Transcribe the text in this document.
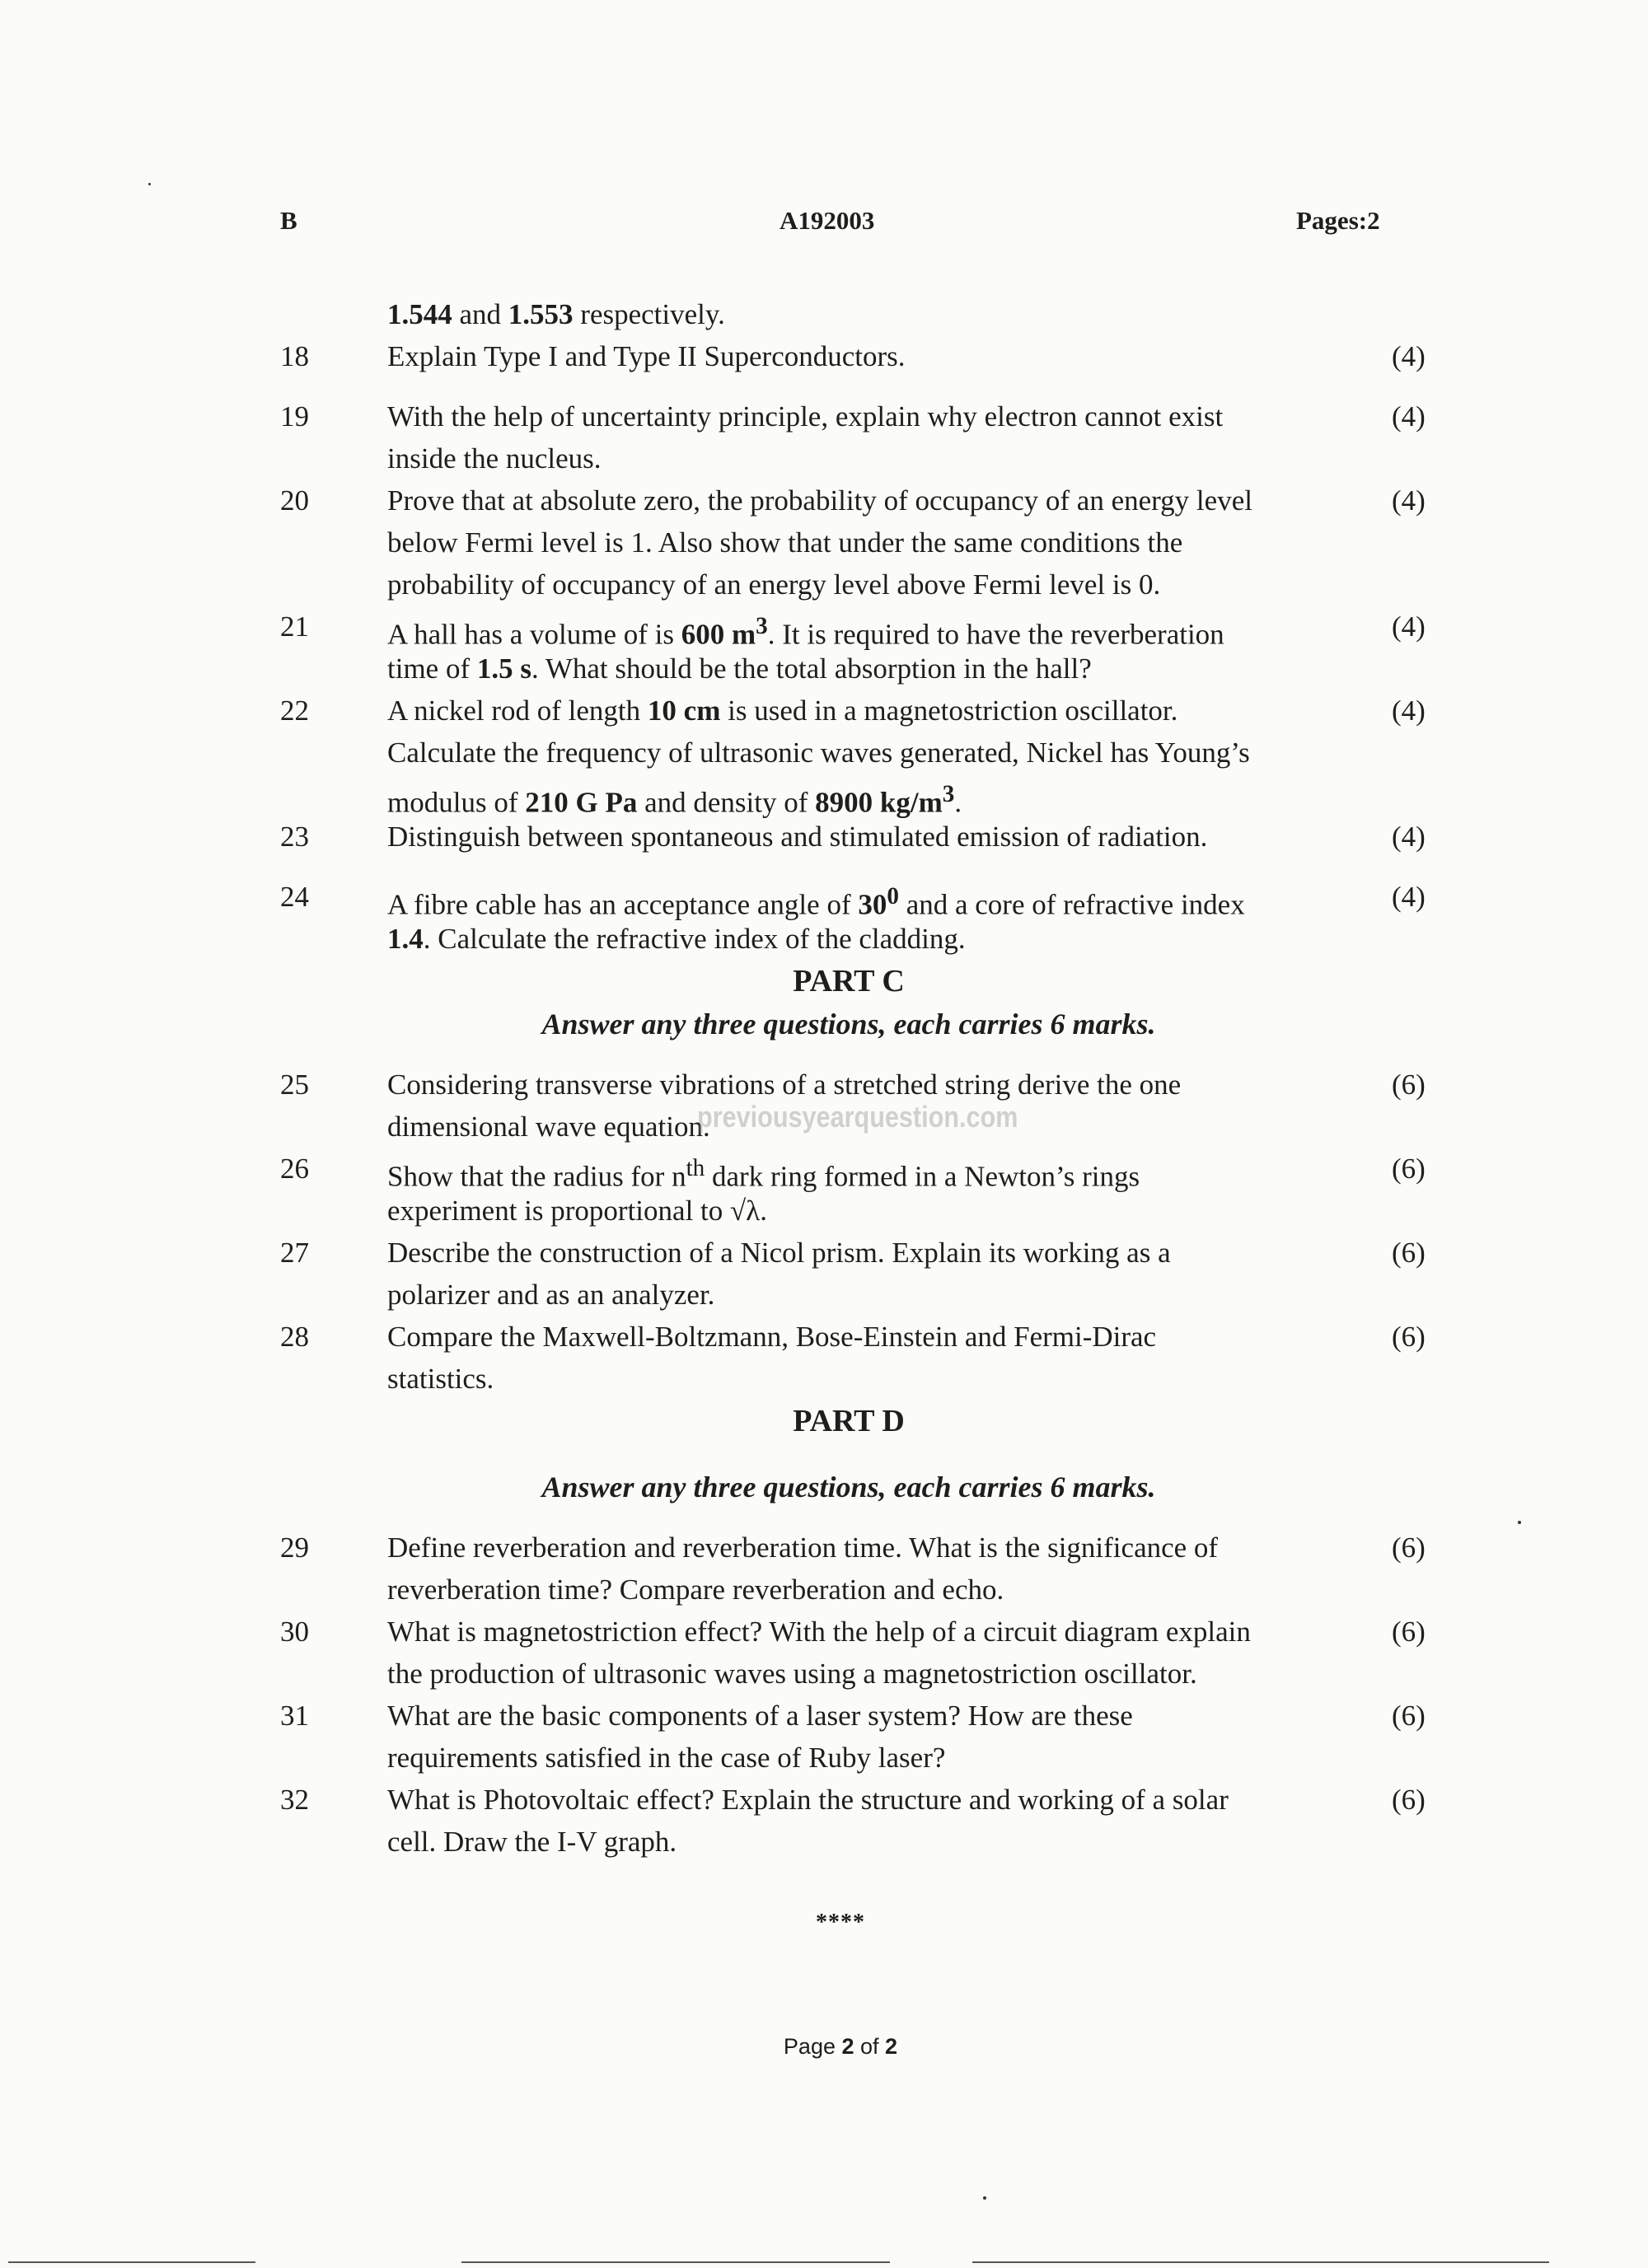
B	A192003	Pages:2
1.544 and 1.553 respectively.
18	Explain Type I and Type II Superconductors.	(4)
19	With the help of uncertainty principle, explain why electron cannot exist	(4)
inside the nucleus.
20	Prove that at absolute zero, the probability of occupancy of an energy level	(4)
below Fermi level is 1. Also show that under the same conditions the
probability of occupancy of an energy level above Fermi level is 0.
21	A hall has a volume of is 600 $m^3$. It is required to have the reverberation	(4)
time of 1.5 s. What should be the total absorption in the hall?
22	A nickel rod of length 10 cm is used in a magnetostriction oscillator.	(4)
Calculate the frequency of ultrasonic waves generated, Nickel has Young’s
modulus of 210 G Pa and density of 8900 $kg/m^3$.
23	Distinguish between spontaneous and stimulated emission of radiation.	(4)
24	A fibre cable has an acceptance angle of $30^0$ and a core of refractive index	(4)
1.4. Calculate the refractive index of the cladding.
PART C
Answer any three questions, each carries 6 marks.
25	Considering transverse vibrations of a stretched string derive the one	(6)
dimensional wave equation.
26	Show that the radius for $n^{th}$ dark ring formed in a Newton’s rings	(6)
experiment is proportional to √λ.
27	Describe the construction of a Nicol prism. Explain its working as a	(6)
polarizer and as an analyzer.
28	Compare the Maxwell-Boltzmann, Bose-Einstein and Fermi-Dirac	(6)
statistics.
PART D
Answer any three questions, each carries 6 marks.
29	Define reverberation and reverberation time. What is the significance of	(6)
reverberation time? Compare reverberation and echo.
30	What is magnetostriction effect? With the help of a circuit diagram explain	(6)
the production of ultrasonic waves using a magnetostriction oscillator.
31	What are the basic components of a laser system? How are these	(6)
requirements satisfied in the case of Ruby laser?
32	What is Photovoltaic effect? Explain the structure and working of a solar	(6)
cell. Draw the I-V graph.
previousyearquestion.com
****
Page 2 of 2
